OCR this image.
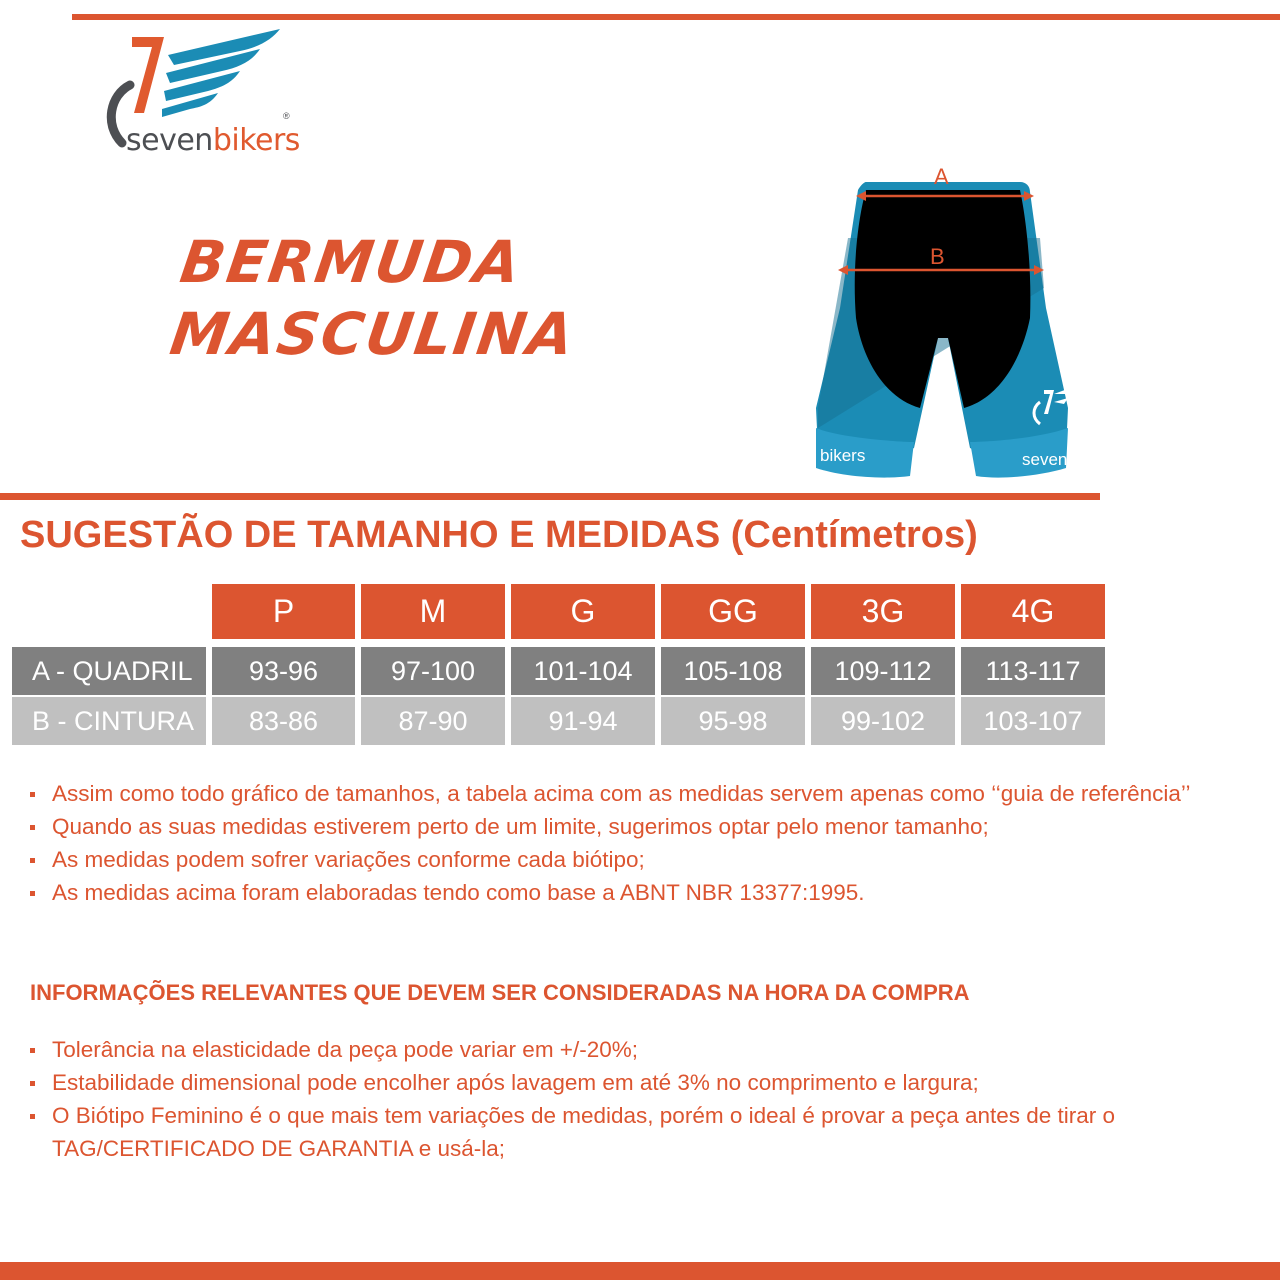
sevenbikers
®
BERMUDA
MASCULINA
A
B
bikers	seven
SUGESTÃO DE TAMANHO E MEDIDAS (Centímetros)
P	M	G	GG	3G	4G
A - QUADRIL	93-96	97-100	101-104	105-108	109-112	113-117
B - CINTURA	83-86	87-90	91-94	95-98	99-102	103-107
Assim como todo gráfico de tamanhos, a tabela acima com as medidas servem apenas como ‘‘guia de referência’’
Quando as suas medidas estiverem perto de um limite, sugerimos optar pelo menor tamanho;
As medidas podem sofrer variações conforme cada biótipo;
As medidas acima foram elaboradas tendo como base a ABNT NBR 13377:1995.
INFORMAÇÕES RELEVANTES QUE DEVEM SER CONSIDERADAS NA HORA DA COMPRA
Tolerância na elasticidade da peça pode variar em +/-20%;
Estabilidade dimensional pode encolher após lavagem em até 3% no comprimento e largura;
O Biótipo Feminino é o que mais tem variações de medidas, porém o ideal é provar a peça antes de tirar o TAG/CERTIFICADO DE GARANTIA e usá-la;
